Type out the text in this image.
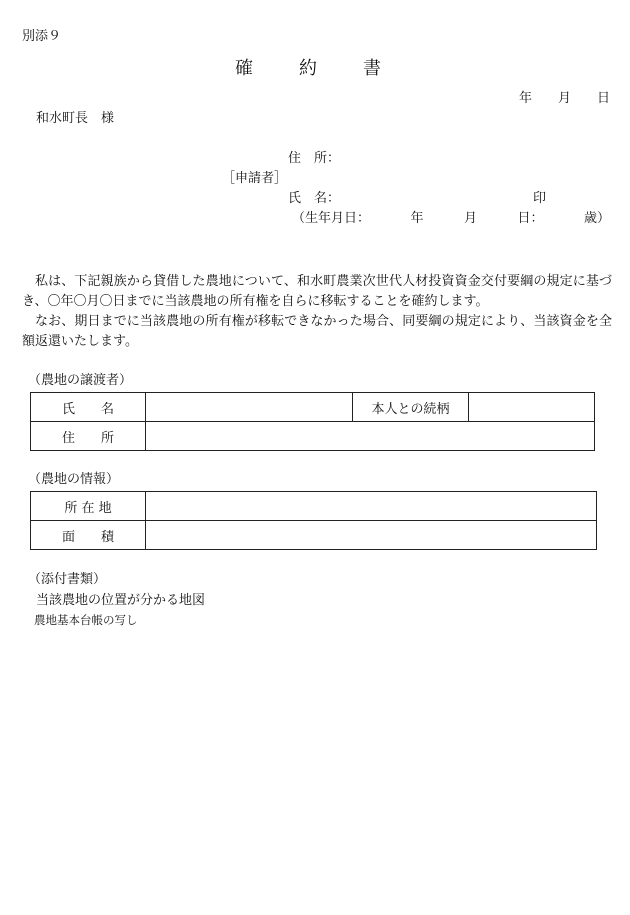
別添９
確　約　書
年　　月　　日
和水町長　様
住　所：
［申請者］
氏　名：	印
（生年月日：	年	月	日：	歳）

私は、下記親族から貸借した農地について、和水町農業次世代人材投資資金交付要綱の規定に基づき、〇年〇月〇日までに当該農地の所有権を自らに移転することを確約します。

なお、期日までに当該農地の所有権が移転できなかった場合、同要綱の規定により、当該資金を全額返還いたします。

（農地の譲渡者）
氏　　名		本人との続柄	
住　　所			
（農地の情報）
所 在 地	
面　　積	
（添付書類）
当該農地の位置が分かる地図
農地基本台帳の写し
